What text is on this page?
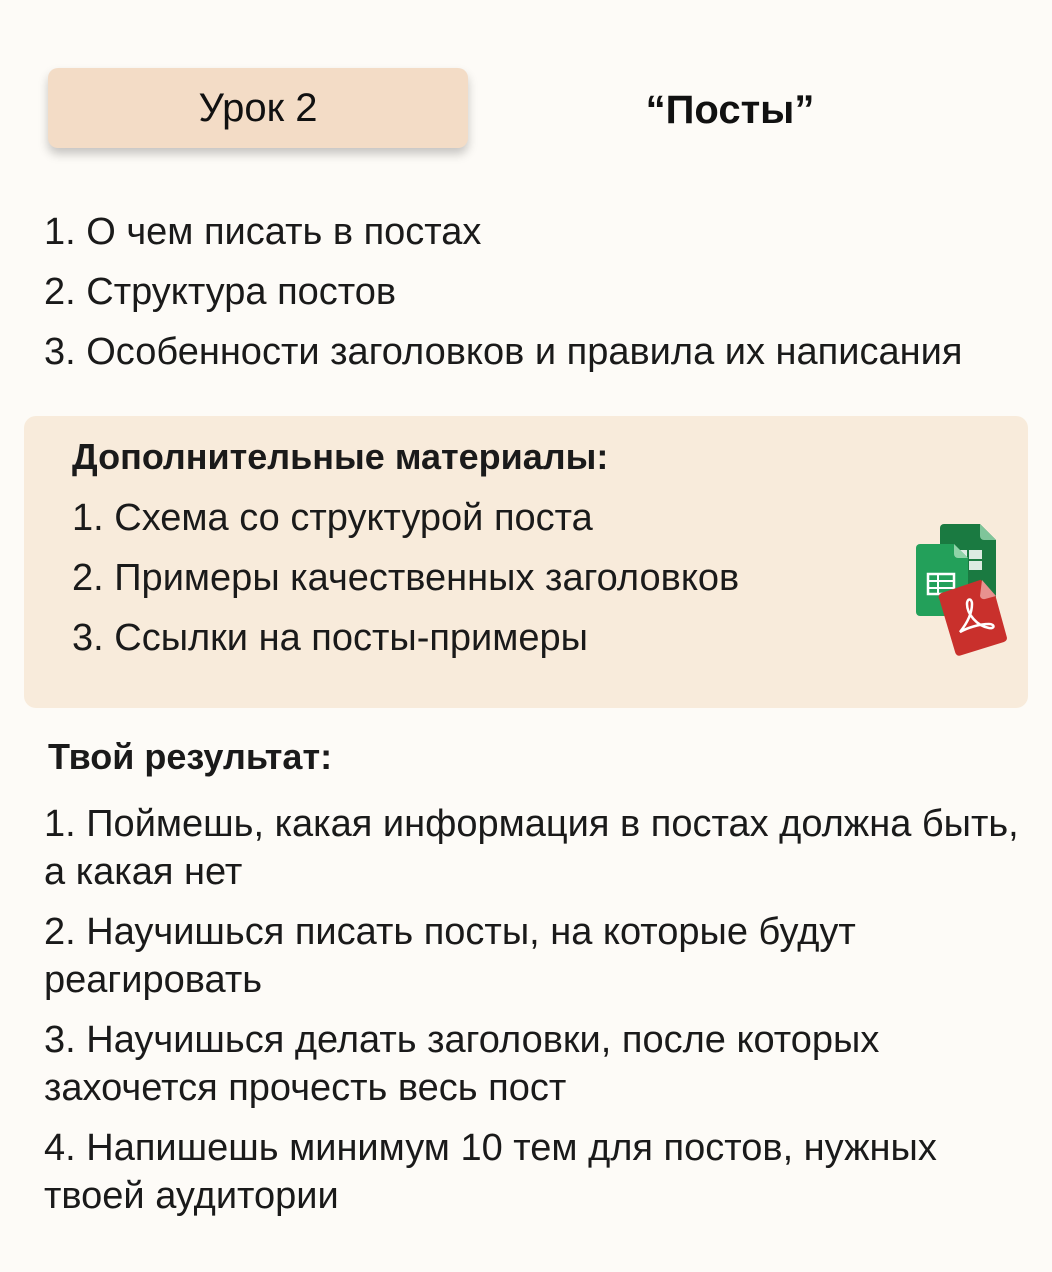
Урок 2	“Посты”
1. О чем писать в постах
2. Структура постов
3. Особенности заголовков и правила их написания
Дополнительные материалы:
1. Схема со структурой поста
2. Примеры качественных заголовков
3. Ссылки на посты-примеры
Твой результат:
1. Поймешь, какая информация в постах должна быть, а какая нет
2. Научишься писать посты, на которые будут реагировать
3. Научишься делать заголовки, после которых захочется прочесть весь пост
4. Напишешь минимум 10 тем для постов, нужных твоей аудитории
